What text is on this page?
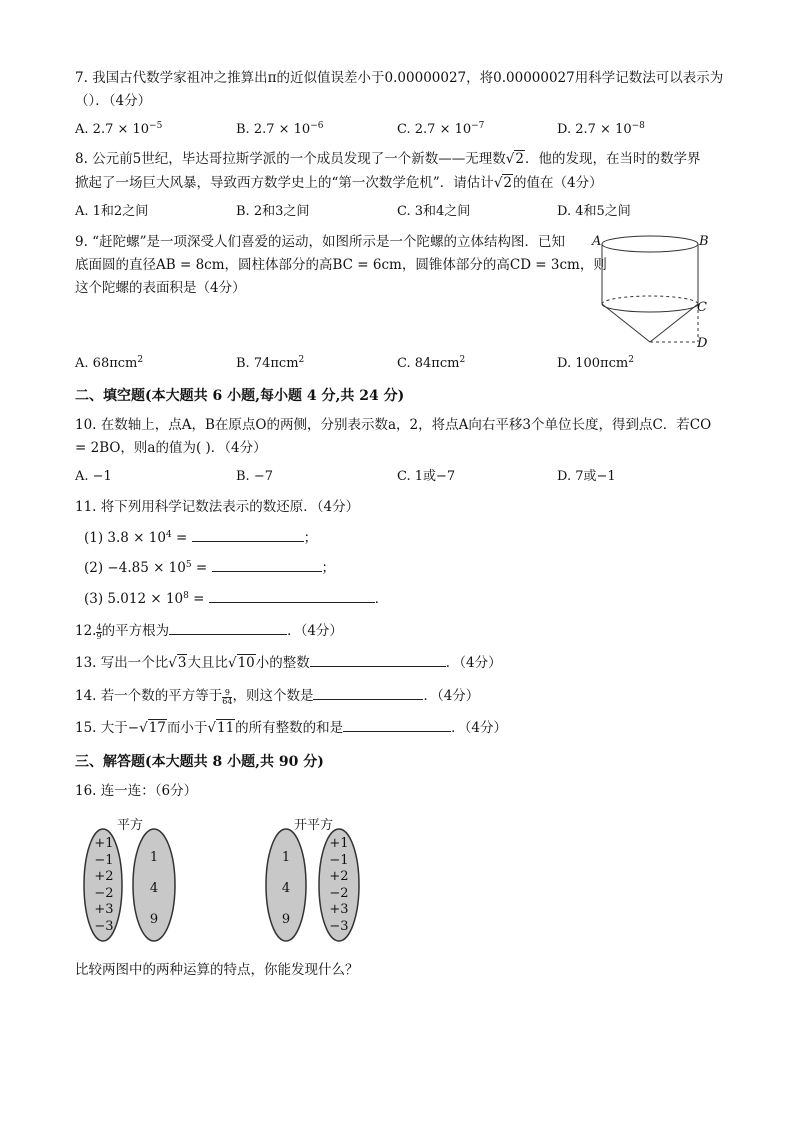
7. 我国古代数学家祖冲之推算出π的近似值误差小于0.00000027，将0.00000027用科学记数法可以表示为
（）．（4分）
A. $2.7 \times 10^{-5}$	B. $2.7 \times 10^{-6}$	C. $2.7 \times 10^{-7}$	D. $2.7 \times 10^{-8}$
8. 公元前5世纪，毕达哥拉斯学派的一个成员发现了一个新数——无理数√2．他的发现，在当时的数学界
掀起了一场巨大风暴，导致西方数学史上的“第一次数学危机”．请估计√2的值在（4分）
A. 1和2之间	B. 2和3之间	C. 3和4之间	D. 4和5之间
9. “赶陀螺”是一项深受人们喜爱的运动，如图所示是一个陀螺的立体结构图．已知
底面圆的直径AB = 8cm，圆柱体部分的高BC = 6cm，圆锥体部分的高CD = 3cm，则
这个陀螺的表面积是（4分）
A	B
C
D
A. 68πcm$^2$	B. 74πcm$^2$	C. 84πcm$^2$	D. 100πcm$^2$
二、填空题(本大题共 6 小题,每小题 4 分,共 24 分)
10. 在数轴上，点A，B在原点O的两侧，分别表示数a，2，将点A向右平移3个单位长度，得到点C．若CO
= 2BO，则a的值为( )．（4分）
A. −1	B. −7	C. 1或−7	D. 7或−1
11. 将下列用科学记数法表示的数还原．（4分）
(1) $3.8 \times 10^4$ =	；
$(2) -4.85 \times 10^5$ =	；
(3) $5.012 \times 10^8$ =	．
12. $\frac{4}{9}$ 的平方根为	．（4分）
13. 写出一个比√3大且比√10小的整数	．（4分）
14. 若一个数的平方等于 $\frac{9}{64}$ ，则这个数是	．（4分）
15. 大于−√17而小于√11的所有整数的和是	．（4分）
三、解答题(本大题共 8 小题,共 90 分)
16. 连一连：（6分）
平方
+1
−1
+2
−2
+3
−3
1
4
9
开平方
1
4
9
+1
−1
+2
−2
+3
−3
比较两图中的两种运算的特点，你能发现什么？
